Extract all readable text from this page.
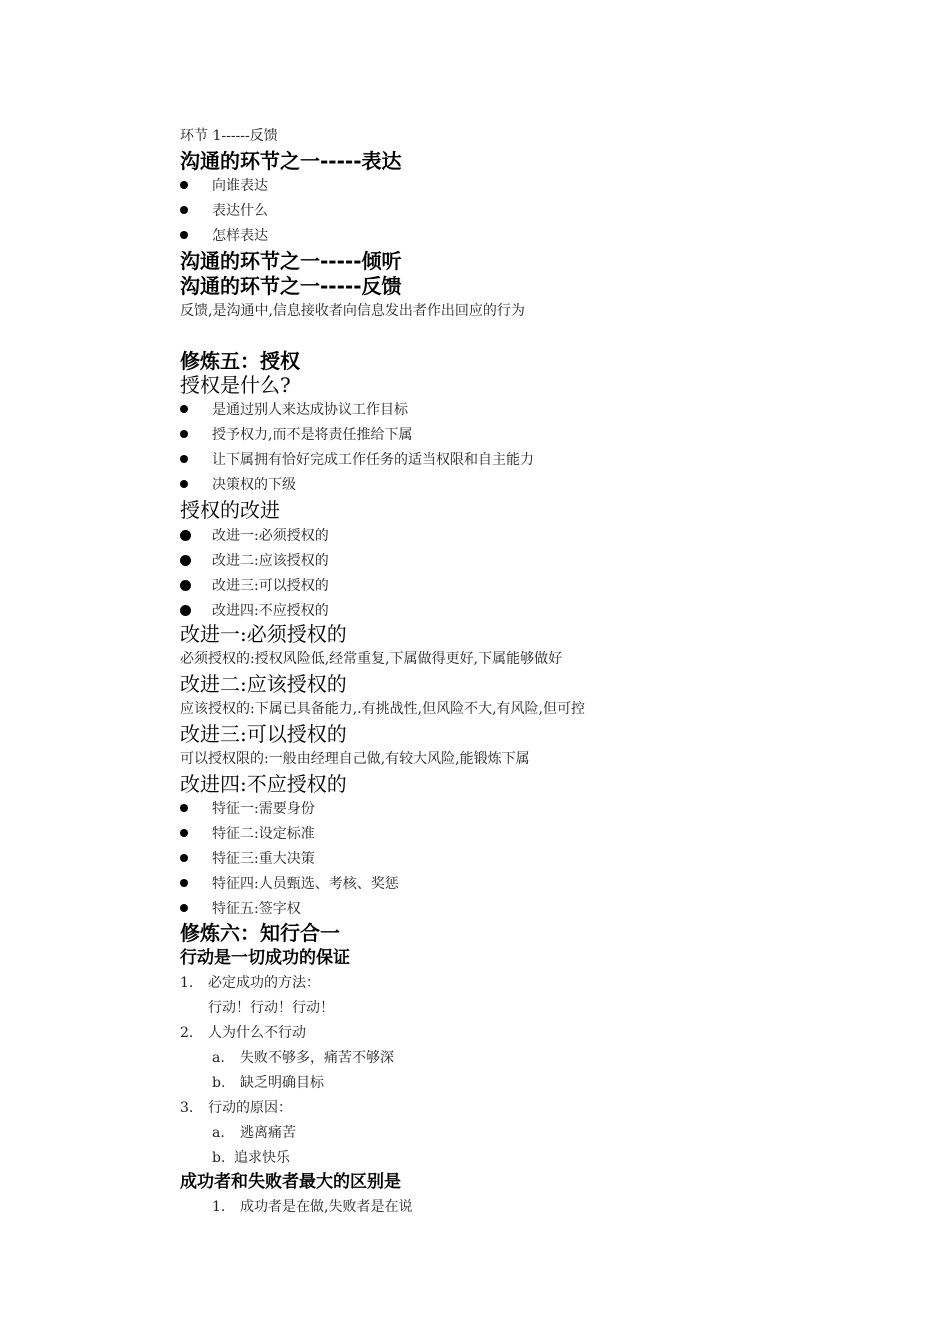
环节 1------反馈
沟通的环节之一-----表达
向谁表达
表达什么
怎样表达
沟通的环节之一-----倾听
沟通的环节之一-----反馈
反馈,是沟通中,信息接收者向信息发出者作出回应的行为
修炼五：授权
授权是什么?
是通过别人来达成协议工作目标
授予权力,而不是将责任推给下属
让下属拥有恰好完成工作任务的适当权限和自主能力
决策权的下级
授权的改进
改进一:必须授权的
改进二:应该授权的
改进三:可以授权的
改进四:不应授权的
改进一:必须授权的
必须授权的:授权风险低,经常重复,下属做得更好,下属能够做好
改进二:应该授权的
应该授权的:下属已具备能力,.有挑战性,但风险不大,有风险,但可控
改进三:可以授权的
可以授权限的:一般由经理自己做,有较大风险,能锻炼下属
改进四:不应授权的
特征一:需要身份
特征二:设定标准
特征三:重大决策
特征四:人员甄选、考核、奖惩
特征五:签字权
修炼六：知行合一
行动是一切成功的保证
1. 必定成功的方法：
行动！行动！行动！
2. 人为什么不行动
a. 失败不够多，痛苦不够深
b. 缺乏明确目标
3. 行动的原因：
a. 逃离痛苦
b. 追求快乐
成功者和失败者最大的区别是
1. 成功者是在做,失败者是在说
